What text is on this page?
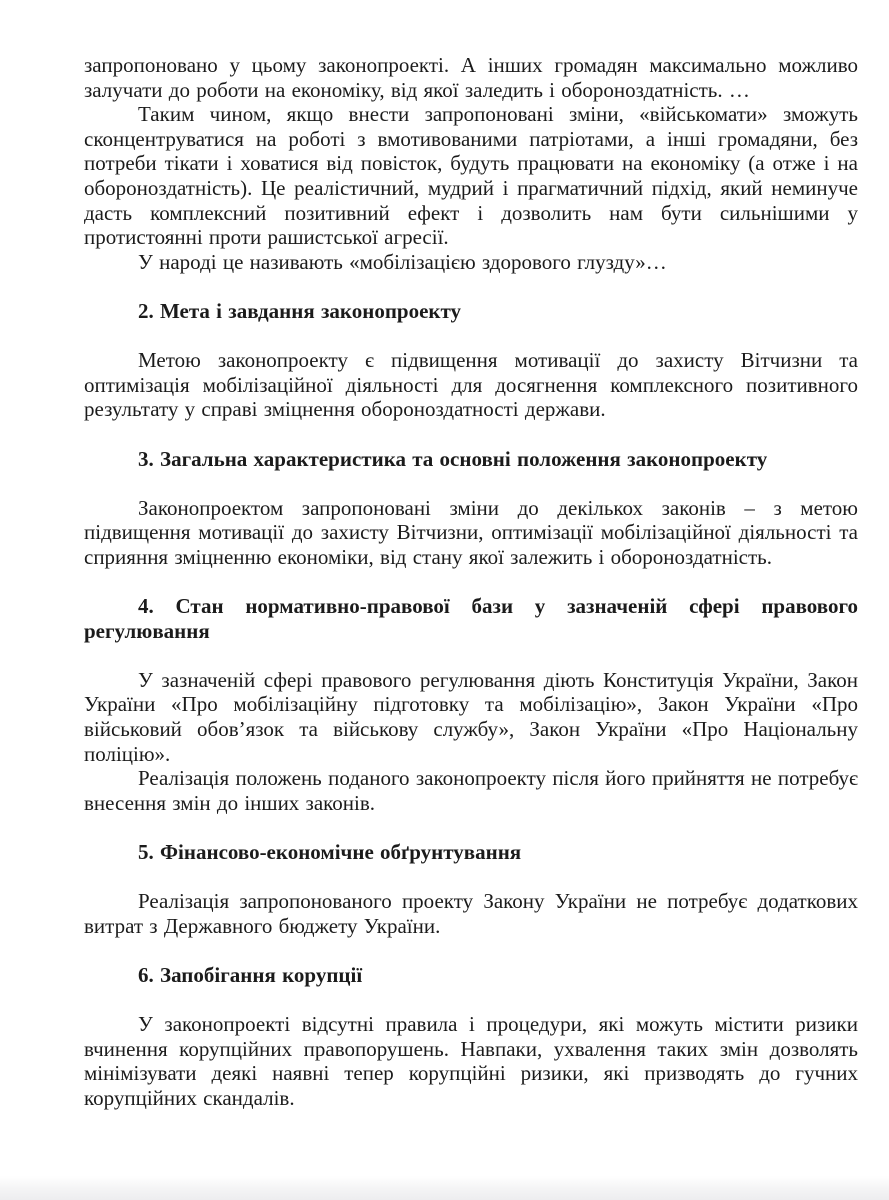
запропоновано у цьому законопроекті. А інших громадян максимально можливо залучати до роботи на економіку, від якої заледить і обороноздатність. …

Таким чином, якщо внести запропоновані зміни, «військомати» зможуть сконцентруватися на роботі з вмотивованими патріотами, а інші громадяни, без потреби тікати і ховатися від повісток, будуть працювати на економіку (а отже і на обороноздатність). Це реалістичний, мудрий і прагматичний підхід, який неминуче дасть комплексний позитивний ефект і дозволить нам бути сильнішими у протистоянні проти рашистської агресії.

У народі це називають «мобілізацією здорового глузду»…

2. Мета і завдання законопроекту

Метою законопроекту є підвищення мотивації до захисту Вітчизни та оптимізація мобілізаційної діяльності для досягнення комплексного позитивного результату у справі зміцнення обороноздатності держави.

3. Загальна характеристика та основні положення законопроекту

Законопроектом запропоновані зміни до декількох законів – з метою підвищення мотивації до захисту Вітчизни, оптимізації мобілізаційної діяльності та сприяння зміцненню економіки, від стану якої залежить і обороноздатність.

4. Стан нормативно-правової бази у зазначеній сфері правового регулювання

У зазначеній сфері правового регулювання діють Конституція України, Закон України «Про мобілізаційну підготовку та мобілізацію», Закон України «Про військовий обов’язок та військову службу», Закон України «Про Національну поліцію».

Реалізація положень поданого законопроекту після його прийняття не потребує внесення змін до інших законів.

5. Фінансово-економічне обґрунтування

Реалізація запропонованого проекту Закону України не потребує додаткових витрат з Державного бюджету України.

6. Запобігання корупції

У законопроекті відсутні правила і процедури, які можуть містити ризики вчинення корупційних правопорушень. Навпаки, ухвалення таких змін дозволять мінімізувати деякі наявні тепер корупційні ризики, які призводять до гучних корупційних скандалів.
